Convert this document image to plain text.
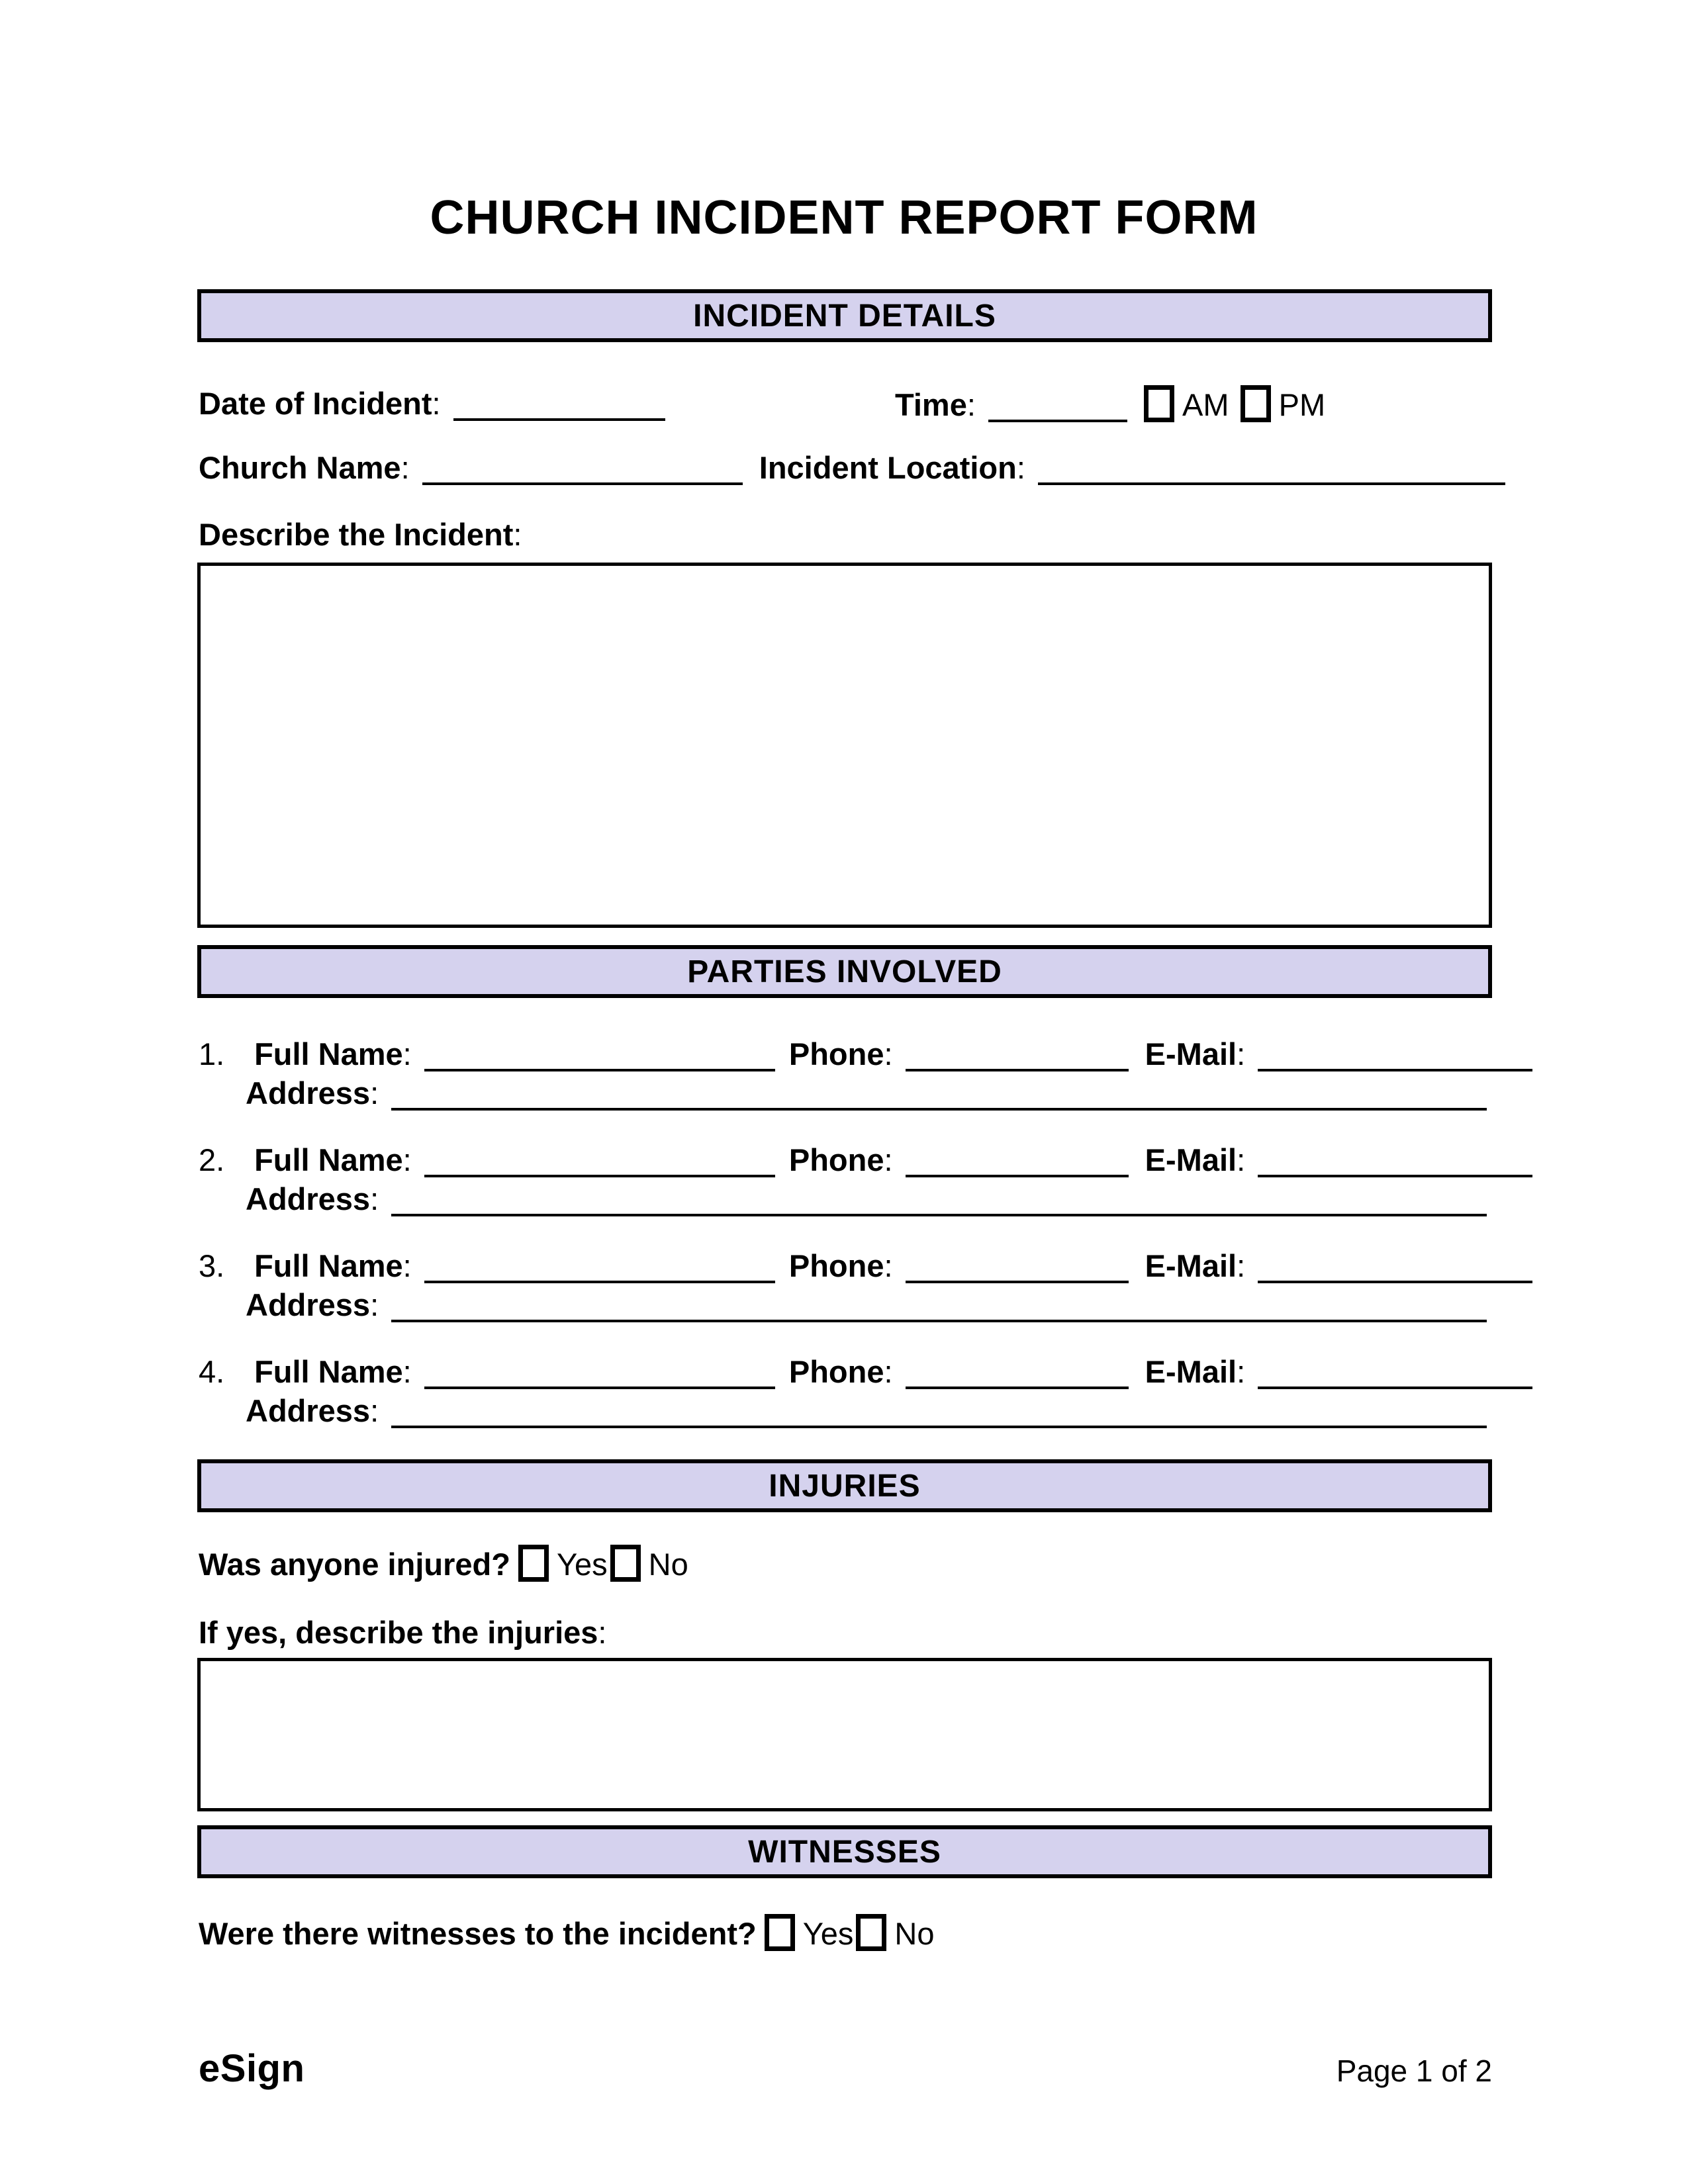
CHURCH INCIDENT REPORT FORM
INCIDENT DETAILS
Date of Incident:	Time:	AM PM
Church Name:	Incident Location:
Describe the Incident:
PARTIES INVOLVED
1. Full Name:	Phone:	E-Mail:
Address:
2. Full Name:	Phone:	E-Mail:
Address:
3. Full Name:	Phone:	E-Mail:
Address:
4. Full Name:	Phone:	E-Mail:
Address:
INJURIES
Was anyone injured? Yes No
If yes, describe the injuries:
WITNESSES
Were there witnesses to the incident? Yes No
eSign	Page 1 of 2
